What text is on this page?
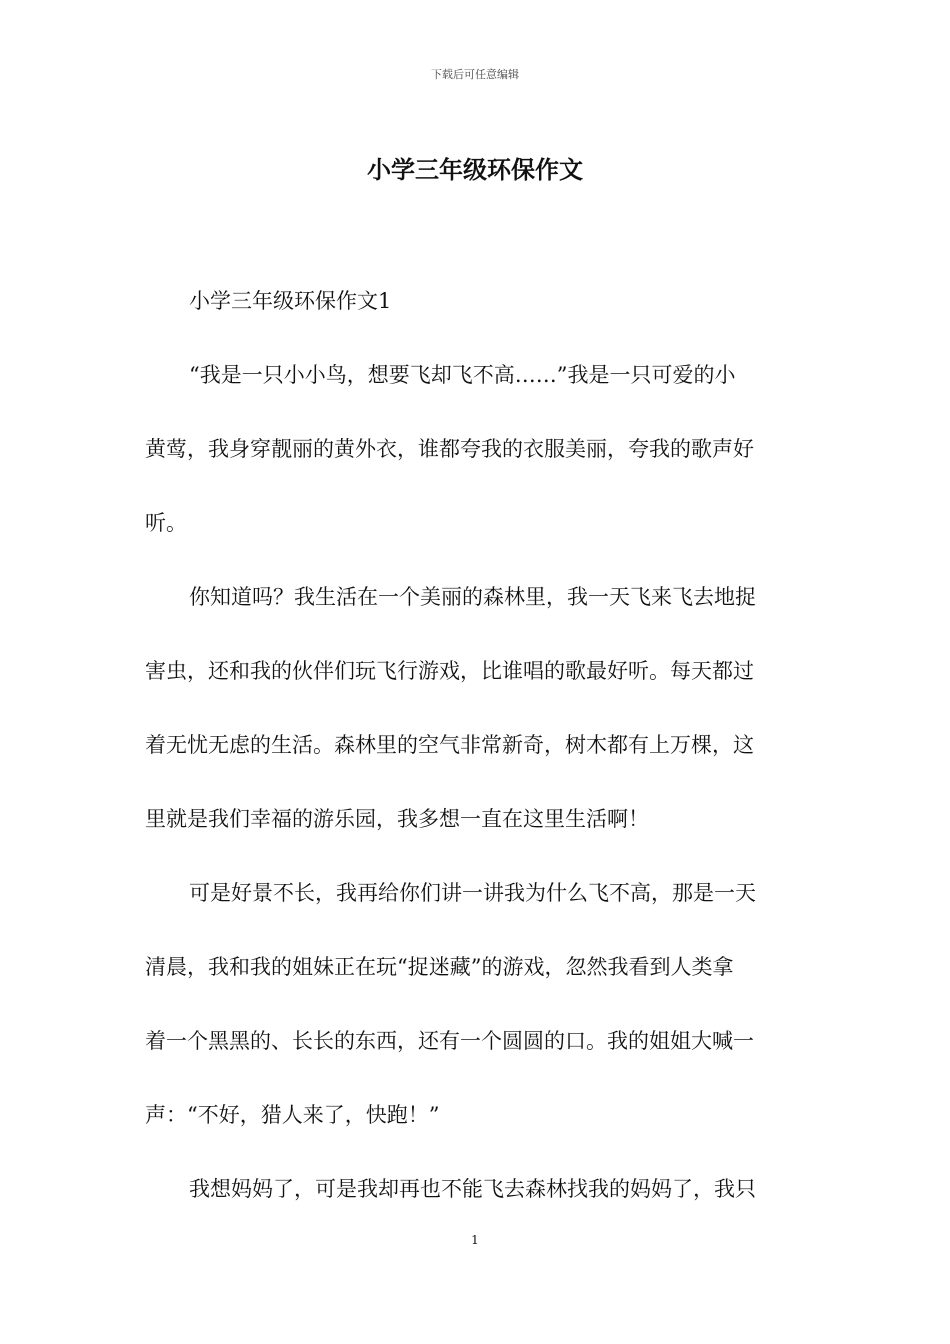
下载后可任意编辑
小学三年级环保作文
小学三年级环保作文1
“我是一只小小鸟，想要飞却飞不高……”我是一只可爱的小
黄莺，我身穿靓丽的黄外衣，谁都夸我的衣服美丽，夸我的歌声好
听。
你知道吗？我生活在一个美丽的森林里，我一天飞来飞去地捉
害虫，还和我的伙伴们玩飞行游戏，比谁唱的歌最好听。每天都过
着无忧无虑的生活。森林里的空气非常新奇，树木都有上万棵，这
里就是我们幸福的游乐园，我多想一直在这里生活啊！
可是好景不长，我再给你们讲一讲我为什么飞不高，那是一天
清晨，我和我的姐妹正在玩“捉迷藏”的游戏，忽然我看到人类拿
着一个黑黑的、长长的东西，还有一个圆圆的口。我的姐姐大喊一
声：“不好，猎人来了，快跑！”
我想妈妈了，可是我却再也不能飞去森林找我的妈妈了，我只
1
